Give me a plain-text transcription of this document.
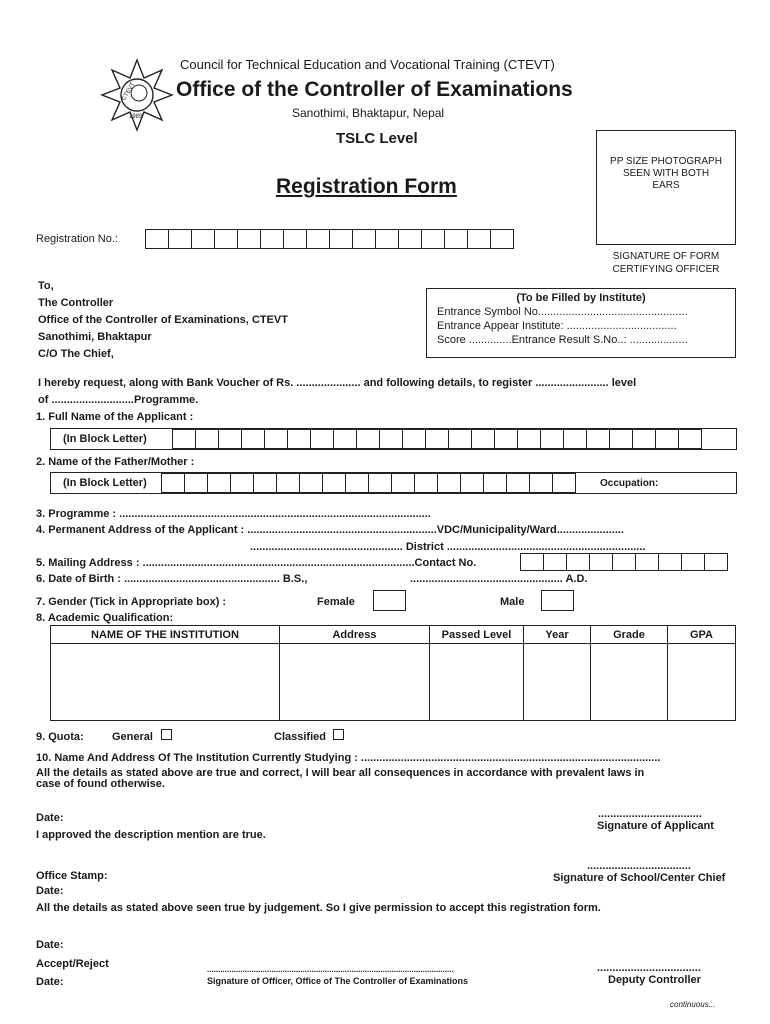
CTEVT
1989
Council for Technical Education and Vocational Training (CTEVT)
Office of the Controller of Examinations
Sanothimi, Bhaktapur, Nepal
TSLC Level
Registration Form
PP SIZE PHOTOGRAPH
SEEN WITH BOTH
EARS
SIGNATURE OF FORM
CERTIFYING OFFICER
Registration No.:
To,
The Controller
Office of the Controller of Examinations, CTEVT
Sanothimi, Bhaktapur
C/O The Chief,
(To be Filled by Institute)
Entrance Symbol No.................................................
Entrance Appear Institute: ....................................
Score ..............Entrance Result S.No..: ...................
I hereby request, along with Bank Voucher of Rs. ..................... and following details, to register ........................ level
of ...........................Programme.
1. Full Name of the Applicant :
(In Block Letter)
2. Name of the Father/Mother :
(In Block Letter)	Occupation:
3. Programme : ......................................................................................................
4. Permanent Address of the Applicant : ..............................................................VDC/Municipality/Ward......................
.................................................. District .................................................................
5. Mailing Address : .........................................................................................Contact No.
6. Date of Birth : ................................................... B.S.,	.................................................. A.D.
7. Gender (Tick in Appropriate box) :	Female	Male
8. Academic Qualification:
NAME OF THE INSTITUTION	Address	Passed Level	Year	Grade	GPA

9. Quota:	General	Classified
10. Name And Address Of The Institution Currently Studying : ..................................................................................................
All the details as stated above are true and correct, I will bear all consequences in accordance with prevalent laws in
case of found otherwise.
Date:	..................................
Signature of Applicant
I approved the description mention are true.
..................................
Signature of School/Center Chief
Office Stamp:
Date:
All the details as stated above seen true by judgement. So I give permission to accept this registration form.
Date:
Accept/Reject
Date:
...............................................................................................................
Signature of Officer, Office of The Controller of Examinations
..................................
Deputy Controller
continuous...
